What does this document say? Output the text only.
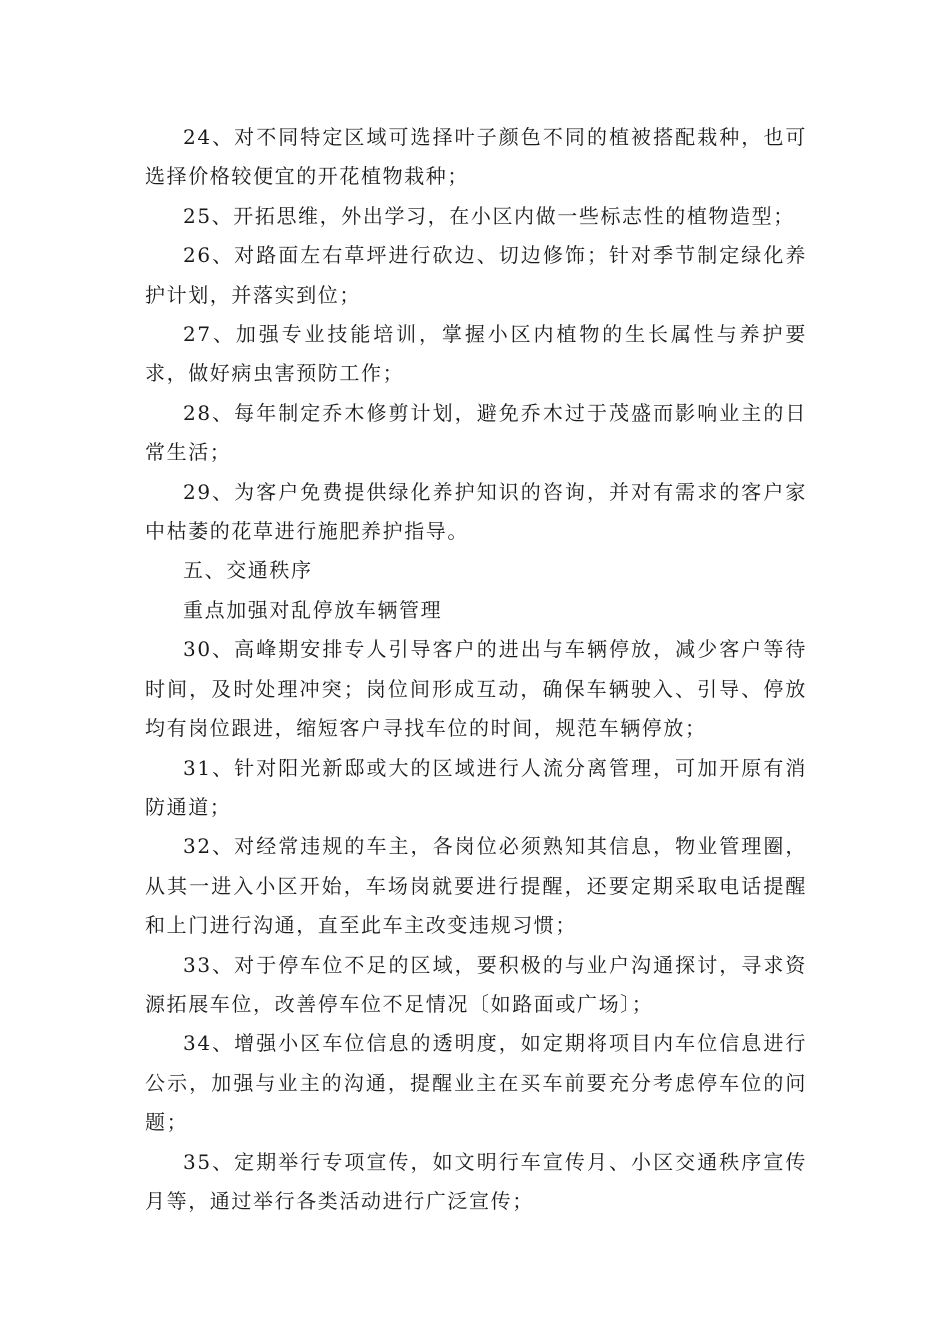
24、对不同特定区域可选择叶子颜色不同的植被搭配栽种，也可选择价格较便宜的开花植物栽种；

25、开拓思维，外出学习，在小区内做一些标志性的植物造型；

26、对路面左右草坪进行砍边、切边修饰；针对季节制定绿化养护计划，并落实到位；

27、加强专业技能培训，掌握小区内植物的生长属性与养护要求，做好病虫害预防工作；

28、每年制定乔木修剪计划，避免乔木过于茂盛而影响业主的日常生活；

29、为客户免费提供绿化养护知识的咨询，并对有需求的客户家中枯萎的花草进行施肥养护指导。

五、交通秩序

重点加强对乱停放车辆管理

30、高峰期安排专人引导客户的进出与车辆停放，减少客户等待时间，及时处理冲突；岗位间形成互动，确保车辆驶入、引导、停放均有岗位跟进，缩短客户寻找车位的时间，规范车辆停放；

31、针对阳光新邸或大的区域进行人流分离管理，可加开原有消防通道；

32、对经常违规的车主，各岗位必须熟知其信息，物业管理圈，从其一进入小区开始，车场岗就要进行提醒，还要定期采取电话提醒和上门进行沟通，直至此车主改变违规习惯；

33、对于停车位不足的区域，要积极的与业户沟通探讨，寻求资源拓展车位，改善停车位不足情况〔如路面或广场〕；

34、增强小区车位信息的透明度，如定期将项目内车位信息进行公示，加强与业主的沟通，提醒业主在买车前要充分考虑停车位的问题；

35、定期举行专项宣传，如文明行车宣传月、小区交通秩序宣传月等，通过举行各类活动进行广泛宣传；
